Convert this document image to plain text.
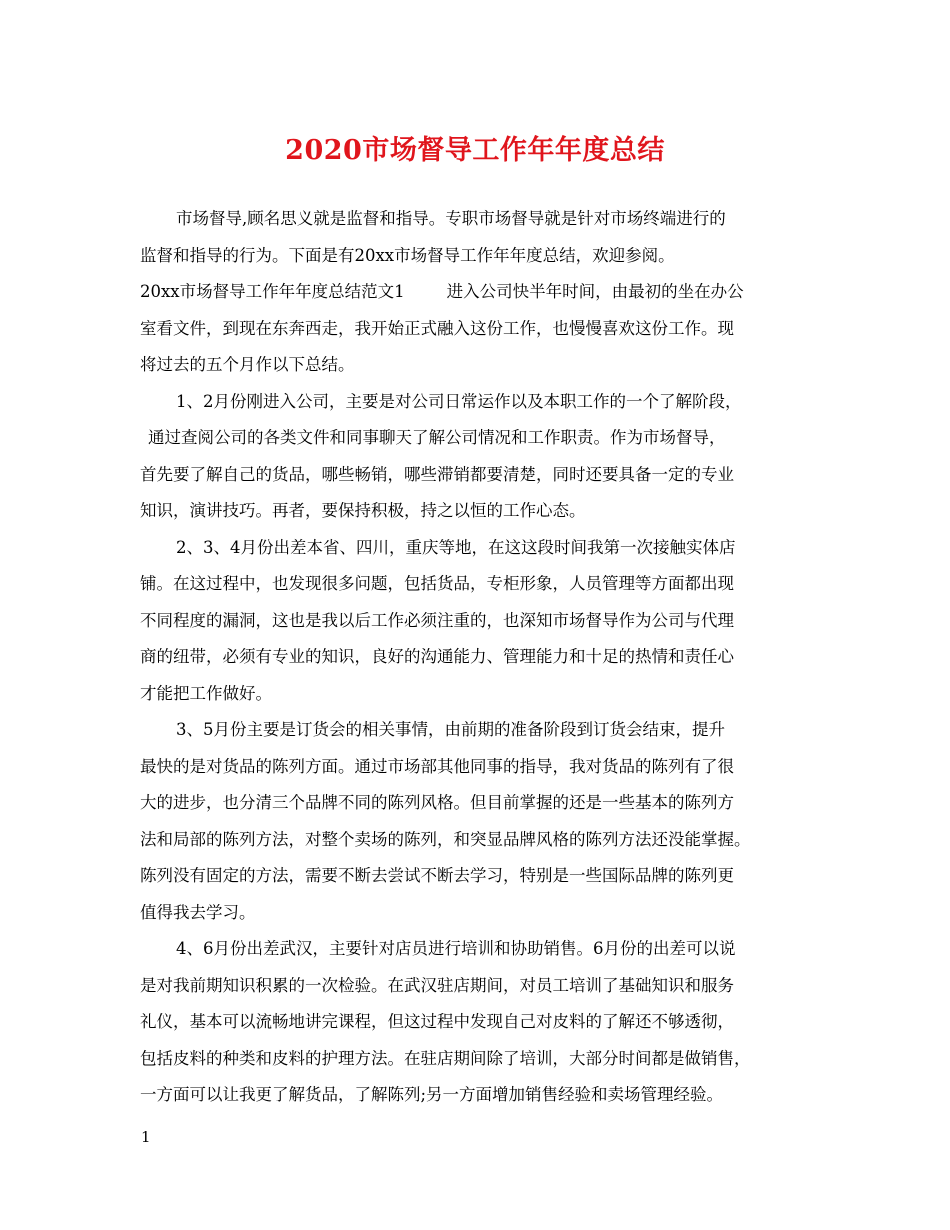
2020市场督导工作年年度总结
市场督导,顾名思义就是监督和指导。专职市场督导就是针对市场终端进行的
监督和指导的行为。下面是有20xx市场督导工作年年度总结，欢迎参阅。
20xx市场督导工作年年度总结范文1	进入公司快半年时间，由最初的坐在办公
室看文件，到现在东奔西走，我开始正式融入这份工作，也慢慢喜欢这份工作。现
将过去的五个月作以下总结。
1、2月份刚进入公司，主要是对公司日常运作以及本职工作的一个了解阶段，
通过查阅公司的各类文件和同事聊天了解公司情况和工作职责。作为市场督导，
首先要了解自己的货品，哪些畅销，哪些滞销都要清楚，同时还要具备一定的专业
知识，演讲技巧。再者，要保持积极，持之以恒的工作心态。
2、3、4月份出差本省、四川，重庆等地，在这这段时间我第一次接触实体店
铺。在这过程中，也发现很多问题，包括货品，专柜形象，人员管理等方面都出现
不同程度的漏洞，这也是我以后工作必须注重的，也深知市场督导作为公司与代理
商的纽带，必须有专业的知识，良好的沟通能力、管理能力和十足的热情和责任心
才能把工作做好。
3、5月份主要是订货会的相关事情，由前期的准备阶段到订货会结束，提升
最快的是对货品的陈列方面。通过市场部其他同事的指导，我对货品的陈列有了很
大的进步，也分清三个品牌不同的陈列风格。但目前掌握的还是一些基本的陈列方
法和局部的陈列方法，对整个卖场的陈列，和突显品牌风格的陈列方法还没能掌握。
陈列没有固定的方法，需要不断去尝试不断去学习，特别是一些国际品牌的陈列更
值得我去学习。
4、6月份出差武汉，主要针对店员进行培训和协助销售。6月份的出差可以说
是对我前期知识积累的一次检验。在武汉驻店期间，对员工培训了基础知识和服务
礼仪，基本可以流畅地讲完课程，但这过程中发现自己对皮料的了解还不够透彻，
包括皮料的种类和皮料的护理方法。在驻店期间除了培训，大部分时间都是做销售，
一方面可以让我更了解货品，了解陈列;另一方面增加销售经验和卖场管理经验。
1
